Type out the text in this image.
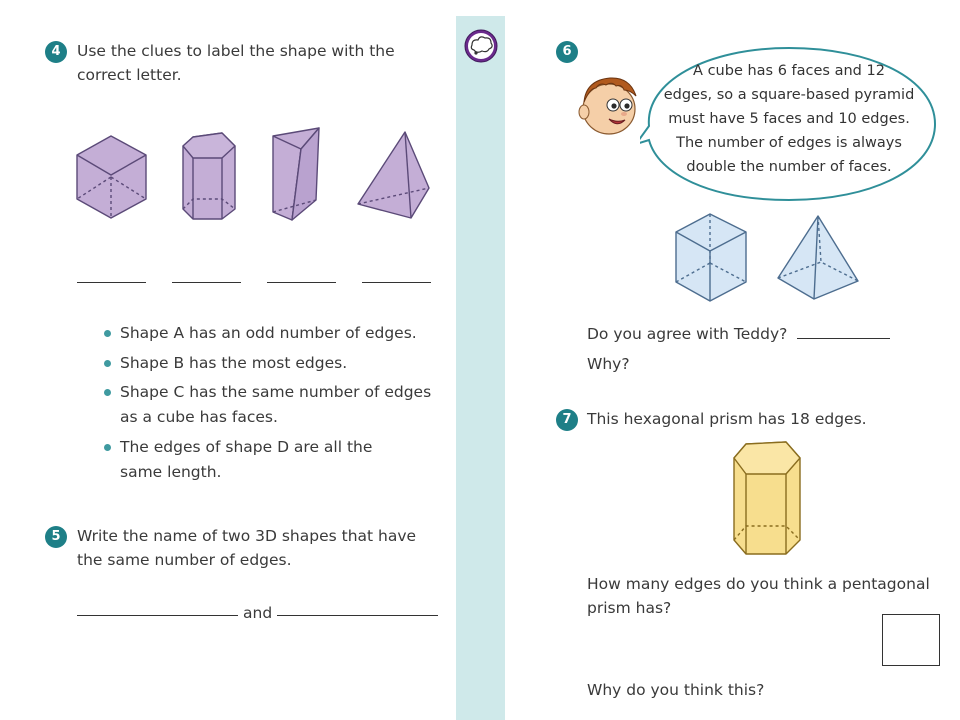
4	Use the clues to label the shape with the
correct letter.
Shape A has an odd number of edges.
Shape B has the most edges.
Shape C has the same number of edges
as a cube has faces.
The edges of shape D are all the
same length.
5	Write the name of two 3D shapes that have
the same number of edges.
and
6
A cube has 6 faces and 12
edges, so a square-based pyramid
must have 5 faces and 10 edges.
The number of edges is always
double the number of faces.
Do you agree with Teddy?
Why?
7 This hexagonal prism has 18 edges.
How many edges do you think a pentagonal
prism has?
Why do you think this?
